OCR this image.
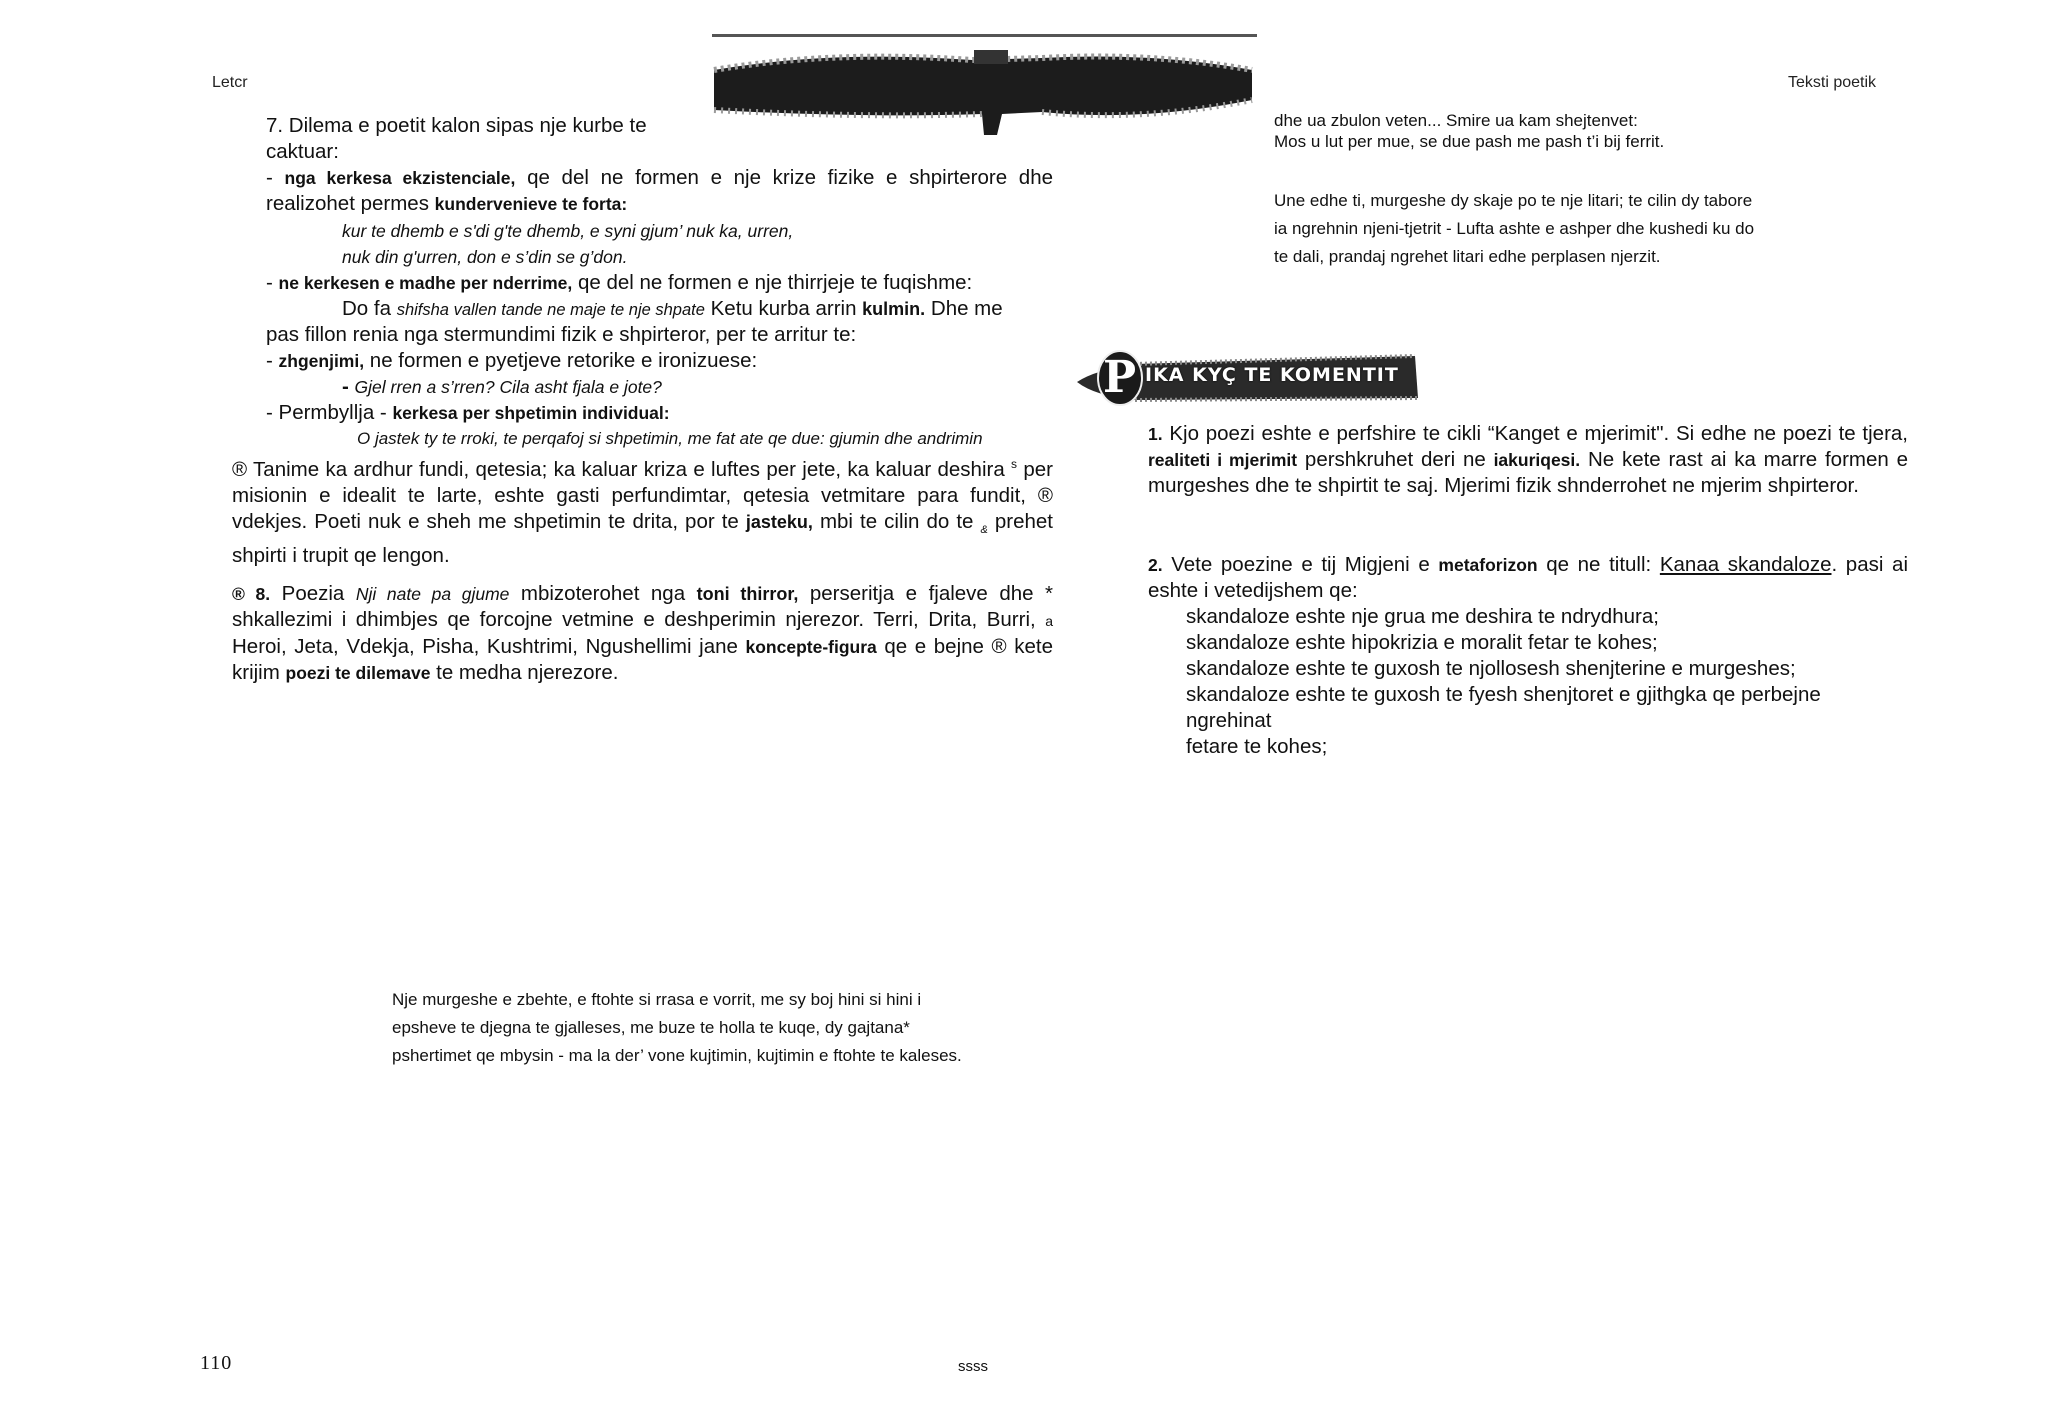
Letcr	Teksti poetik
7. Dilema e poetit kalon sipas nje kurbe te
caktuar:
- nga kerkesa ekzistenciale, qe del ne formen e nje krize fizike e shpirterore dhe realizohet permes kundervenieve te forta:
kur te dhemb e s'di g'te dhemb, e syni gjum’ nuk ka, urren,
nuk din g'urren, don e s’din se g’don.
- ne kerkesen e madhe per nderrime, qe del ne formen e nje thirrjeje te fuqishme:
Do fa shifsha vallen tande ne maje te nje shpate Ketu kurba arrin kulmin. Dhe me
pas fillon renia nga stermundimi fizik e shpirteror, per te arritur te:
- zhgenjimi, ne formen e pyetjeve retorike e ironizuese:
- Gjel rren a s’rren? Cila asht fjala e jote?
- Permbyllja - kerkesa per shpetimin individual:
O jastek ty te rroki, te perqafoj si shpetimin, me fat ate qe due: gjumin dhe andrimin
® Tanime ka ardhur fundi, qetesia; ka kaluar kriza e luftes per jete, ka kaluar deshira $^s$ per misionin e idealit te larte, eshte gasti perfundimtar, qetesia vetmitare para fundit, ® vdekjes. Poeti nuk e sheh me shpetimin te drita, por te jasteku, mbi te cilin do te $_{\&}$ prehet shpirti i trupit qe lengon.
® 8. Poezia Nji nate pa gjume mbizoterohet nga toni thirror, perseritja e fjaleve dhe * shkallezimi i dhimbjes qe forcojne vetmine e deshperimin njerezor. Terri, Drita, Burri, a Heroi, Jeta, Vdekja, Pisha, Kushtrimi, Ngushellimi jane koncepte-figura qe e bejne ® kete krijim poezi te dilemave te medha njerezore.
Nje murgeshe e zbehte, e ftohte si rrasa e vorrit, me sy boj hini si hini i epsheve te djegna te gjalleses, me buze te holla te kuqe, dy gajtana* pshertimet qe mbysin - ma la der’ vone kujtimin, kujtimin e ftohte te kaleses.
dhe ua zbulon veten... Smire ua kam shejtenvet:
Mos u lut per mue, se due pash me pash t’i bij ferrit.
Une edhe ti, murgeshe dy skaje po te nje litari; te cilin dy tabore ia ngrehnin njeni-tjetrit - Lufta ashte e ashper dhe kushedi ku do te dali, prandaj ngrehet litari edhe perplasen njerzit.
P IKA KYÇ TE KOMENTIT
1. Kjo poezi eshte e perfshire te cikli “Kanget e mjerimit". Si edhe ne poezi te tjera, realiteti i mjerimit pershkruhet deri ne iakuriqesi. Ne kete rast ai ka marre formen e murgeshes dhe te shpirtit te saj. Mjerimi fizik shnderrohet ne mjerim shpirteror.
2. Vete poezine e tij Migjeni e metaforizon qe ne titull: Kanaa skandaloze. pasi ai eshte i vetedijshem qe:
skandaloze eshte nje grua me deshira te ndrydhura;
skandaloze eshte hipokrizia e moralit fetar te kohes;
skandaloze eshte te guxosh te njollosesh shenjterine e murgeshes;
skandaloze eshte te guxosh te fyesh shenjtoret e gjithgka qe perbejne ngrehinat
fetare te kohes;
110	ssss
